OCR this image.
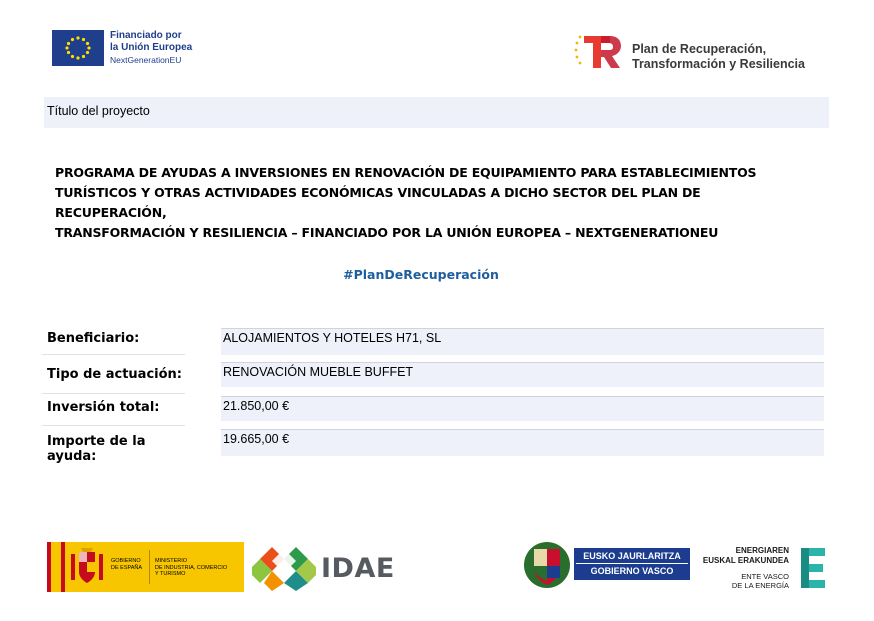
Financiado por
la Unión Europea
NextGenerationEU
Plan de Recuperación,
Transformación y Resiliencia
Título del proyecto
PROGRAMA DE AYUDAS A INVERSIONES EN RENOVACIÓN DE EQUIPAMIENTO PARA ESTABLECIMIENTOS
TURÍSTICOS Y OTRAS ACTIVIDADES ECONÓMICAS VINCULADAS A DICHO SECTOR DEL PLAN DE RECUPERACIÓN,
TRANSFORMACIÓN Y RESILIENCIA – FINANCIADO POR LA UNIÓN EUROPEA – NEXTGENERATIONEU
#PlanDeRecuperación
Beneficiario:	ALOJAMIENTOS Y HOTELES H71, SL
Tipo de actuación:	RENOVACIÓN MUEBLE BUFFET
Inversión total:	21.850,00 €
Importe de la ayuda:
19.665,00 €
GOBIERNO
DE ESPAÑA
MINISTERIO
DE INDUSTRIA, COMERCIO
Y TURISMO	IDAE	EUSKO JAURLARITZA
GOBIERNO VASCO
ENERGIAREN
EUSKAL ERAKUNDEA
ENTE VASCO
DE LA ENERGÍA
